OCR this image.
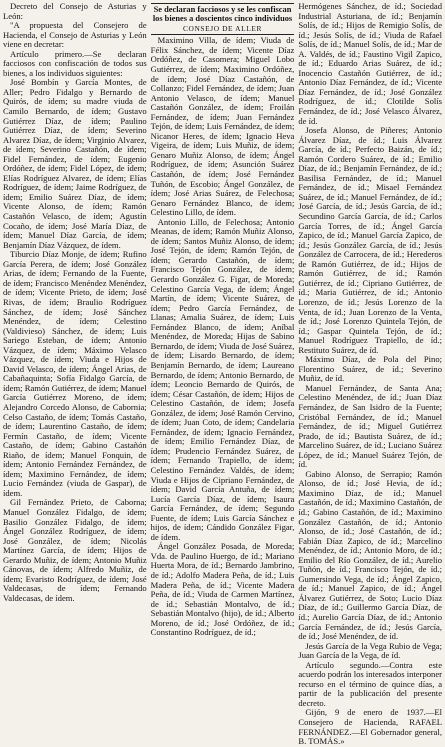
Decreto del Consejo de Asturias y León:

"A propuesta del Consejero de Hacienda, el Consejo de Asturias y León viene en decretar:

Artículo primero.—Se declaran facciosos con confiscación de todos sus bienes, a los individuos siguientes:

José Bombín y García Montes, de Aller; Pedro Fidalgo y Bernardo de Quirós, de ídem; su madre viuda de Camilo Bernardo, de ídem; Gustavo Gutiérrez Díaz, de ídem; Paulino Gutiérrez Díaz, de ídem; Severino Alvarez Díaz, de ídem; Virginio Alvarez, de ídem; Severino Castañón, de ídem; Fidel Fernández, de ídem; Eugenio Ordóñez, de ídem; Fidel López, de ídem; Elías Rodríguez Alvarez, de ídem; Elías Rodríguez, de ídem; Jaime Rodríguez, de ídem; Emilio Suárez Díaz, de ídem; Vicente Alonso, de ídem; Ramón Castañón Velasco, de ídem; Agustín Cocaño, de ídem; José María Díaz, de ídem; Manuel Díaz García, de ídem; Benjamín Díaz Vázquez, de ídem.

Tiburcio Díaz Monje, de ídem; Rufino García Perera, de ídem; José González Arias, de ídem; Fernando de la Fuente, de ídem; Francisco Menéndez Menéndez, de ídem; Vicente Prieto, de ídem; José Rivas, de ídem; Braulio Rodríguez Sánchez, de ídem; José Sánchez Menéndez, de ídem; Celestino (Valdivieso) Sánchez, de ídem; Luis Sariego Esteban, de ídem; Antonio Vázquez, de ídem; Máximo Velasco Vázquez, de ídem; Viuda e Hijos de David Velasco, de ídem; Ángel Arias, de Cabañaquinta; Sofía Fidalgo García, de ídem; Ramón Gutiérrez, de ídem; Manuel García Gutiérrez Moreno, de ídem; Alejandro Corcedo Alonso, de Cabornia; Celso Castaño, de ídem; Tomás Castaño, de ídem; Laurentino Castaño, de ídem; Fermín Castaño, de ídem; Vicente Castaño, de ídem; Gabino Castañón Riaño, de ídem; Manuel Fonquin, de ídem; Antonio Fernández Fernández, de ídem; Maximino Fernández, de ídem; Lucio Fernández (viuda de Gaspar), de ídem.

Gil Fernández Prieto, de Caborna; Manuel González Fidalgo, de ídem; Basilio González Fidalgo, de ídem; Ángel González Rodríguez, de ídem; José González, de ídem; Nicolás Martínez García, de ídem; Hijos de Gerardo Muñiz, de ídem; Antonio Muñiz Cánovas, de ídem; Alfredo Muñiz, de ídem; Evaristo Rodríguez, de ídem; José Valdecasas, de ídem; Fernando Valdecasas, de ídem.

Se declaran facciosos y se les confiscan los bienes a doscientos cinco individuos

CONSEJO DE ALLER

Maximino Villa, de ídem; Viuda de Félix Sánchez, de ídem; Vicente Díaz Ordóñez, de Casomera; Miguel Lobo Gutiérrez, de ídem; Maximino Ordóñez, de ídem; José Díaz Castañón, de Collanzo; Fidel Fernández, de ídem; Juan Antonio Velasco, de ídem; Manuel Castañón González, de ídem; Froilán Fernández, de ídem; Juan Fernández Tejón, de ídem; Luis Fernández, de ídem; Nicanor Heres, de ídem; Ignacio Heva Vigeira, de ídem; Luis Muñiz, de ídem; Genaro Muñiz Alonso, de ídem; Ángel Rodríguez, de ídem; Asunción Suárez Castañón, de ídem; José Fernández Tuñón, de Escobio; Ángel González, de ídem; José Arias Suárez, de Felechosa; Genaro Fernández Blanco, de ídem; Celestino Lillo, de ídem.

Antonio Lillo, de Felechosa; Antonio Meanas, de ídem; Ramón Muñiz Alonso, de ídem; Santos Muñiz Alonso, de ídem; José Tejón, de ídem; Ramón Tejón, de ídem; Gerardo Castañón, de ídem; Francisco Tejón González, de ídem; Gerardo González G. Figar, de Moreda; Celestino García Vega, de ídem; Ángel Martín, de ídem; Vicente Suárez, de ídem; Pedro García Fernández, de Llanas; Amalia Suárez, de ídem; Luis Fernández Blanco, de ídem; Aníbal Menéndez, de Moreda; Hijas de Sabino Bernardo, de ídem; Viuda de José Suárez, de ídem; Lisardo Bernardo, de ídem; Benjamín Bernardo, de ídem; Laureano Bernardo, de ídem; Antonio Bernardo, de ídem; Leoncio Bernardo de Quirós, de ídem; César Castañón, de ídem; Hijos de Celestino Castañón, de ídem; Josefa González, de ídem; José Ramón Cervino, de ídem; Juan Coto, de ídem; Candelaria Fernández, de ídem; Ignacio Fernández, de ídem; Emilio Fernández Díaz, de ídem; Prudencio Fernández Suárez, de ídem; Fernando Trapiello, de ídem; Celestino Fernández Valdés, de ídem; Viuda e Hijos de Cipriano Fernández, de ídem; David García Antuña, de ídem; Lucía García Díaz, de ídem; Isaura García Fernández, de ídem; Segundo Fuente, de ídem; Luis García Sánchez e hijos, de ídem; Cándido González Figar, de ídem.

Ángel González Posada, de Moreda; Vda. de Paulino Huergo, de íd.; Mariano Huerta Mora, de íd.; Bernardo Jambrino, de íd.; Adolfo Madera Peña, de íd.; Luis Madera Peña, de íd.; Vicente Madera Peña, de íd.; Viuda de Carmen Martínez, de íd.; Sebastián Montalvo, de íd.; Sebastián Montalvo (hijo), de íd.; Alberto Moreno, de íd.; José Ordóñez, de íd.; Constantino Rodríguez, de íd.;

Hermógenes Sánchez, de íd.; Sociedad Industrial Asturiana, de íd.; Benjamín Solís, de íd.; Hijos de Remigio Solís, de íd.; Jesús Solís, de íd.; Viuda de Rafael Solís, de íd.; Manuel Solís, de íd.; Mar de A. Valdés, de íd.; Faustino Vigil Zapico, de íd.; Eduardo Arias Suárez, de íd.; Inocencio Castañón Gutiérrez, de íd.; Antonio Díaz Fernández, de íd.; Vicente Díaz Fernández, de íd.; José González Rodríguez, de íd.; Clotilde Solís Fernández, de íd.; José Velasco Álvarez, de íd.

Josefa Alonso, de Piñeres; Antonio Álvarez Díaz, de íd.; Luis Álvarez García, de íd.; Perfecto Baizán, de íd.; Ramón Cordero Suárez, de íd.; Emilio Díaz, de íd.; Benjamín Fernández, de íd.; Basilisa Fernández, de íd.; Manuel Fernández, de íd.; Misael Fernández Suárez, de íd.; Manuel Fernández, de íd.; José García, de íd.; Jesús García, de íd.; Secundino García García, de íd.; Carlos García Torres, de íd.; Ángel García Zapico, de íd.; Manuel García Zapico, de íd.; Jesús González García, de íd.; Jesús González de Carrocera, de íd.; Herederos de Ramón Gutiérrez, de íd.; Hijos de Ramón Gutiérrez, de íd.; Ramón Gutiérrez, de íd.; Cipriano Gutiérrez, de íd.; Maria Gutiérrez, de íd.; Antonio Lorenzo, de íd.; Jesús Lorenzo de la Venta, de íd.; Juan Lorenzo de la Venta, de íd.; José Lorenzo Quintela Tejón, de íd.; Gaspar Quintela Tejón, de íd.; Manuel Rodríguez Trapiello, de íd.; Restituto Suárez, de íd.

Máximo Díaz, de Pola del Pino; Florentino Suárez, de íd.; Severino Muñiz, de íd.

Manuel Fernández, de Santa Ana; Celestino Menéndez, de íd.; Juan Díaz Fernández, de San Isidro de la Fuente; Cristóbal Fernández, de íd.; Manuel Fernández, de íd.; Miguel Gutiérrez Prado, de íd.; Bautista Suárez, de íd.; Marcelino Suárez, de íd.; Luciano Suárez López, de íd.; Manuel Suárez Tejón, de íd.

Gabino Alonso, de Serrapio; Ramón Alonso, de íd.; José Hevia, de íd.; Maximino Díaz, de íd.; Manuel Castañón, de íd.; Maximino Castañón, de íd.; Gabino Castañón, de íd.; Maximino González Castañón, de íd.; Antonio Alonso, de íd.; José Castañón, de íd.; Fabián Díaz Zapico, de íd.; Marcelino Menéndez, de íd.; Antonio Moro, de íd.; Emilio del Río González, de íd.; Aurelio Tuñón, de íd.; Francisco Tejón, de íd.; Gumersindo Vega, de íd.; Ángel Zapico, de íd.; Manuel Zapico, de íd.; Ángel Álvarez Gutiérrez, de Soto; Lucio Díaz Díaz, de íd.; Guillermo García Díaz, de íd.; Aurelio García Díaz, de íd.; Antonio García Fernández, de íd.; Jesús García, de íd.; José Menéndez, de íd.

Jesús García de la Vega Rubio de Vega; Juan García de la Vega, de íd.

Artículo segundo.—Contra este acuerdo podrán los interesados interponer recurso en el término de quince días, a partir de la publicación del presente decreto.

Gijón, 9 de enero de 1937.—El Consejero de Hacienda, RAFAEL FERNÁNDEZ.—El Gobernador general, B. TOMÁS.»
